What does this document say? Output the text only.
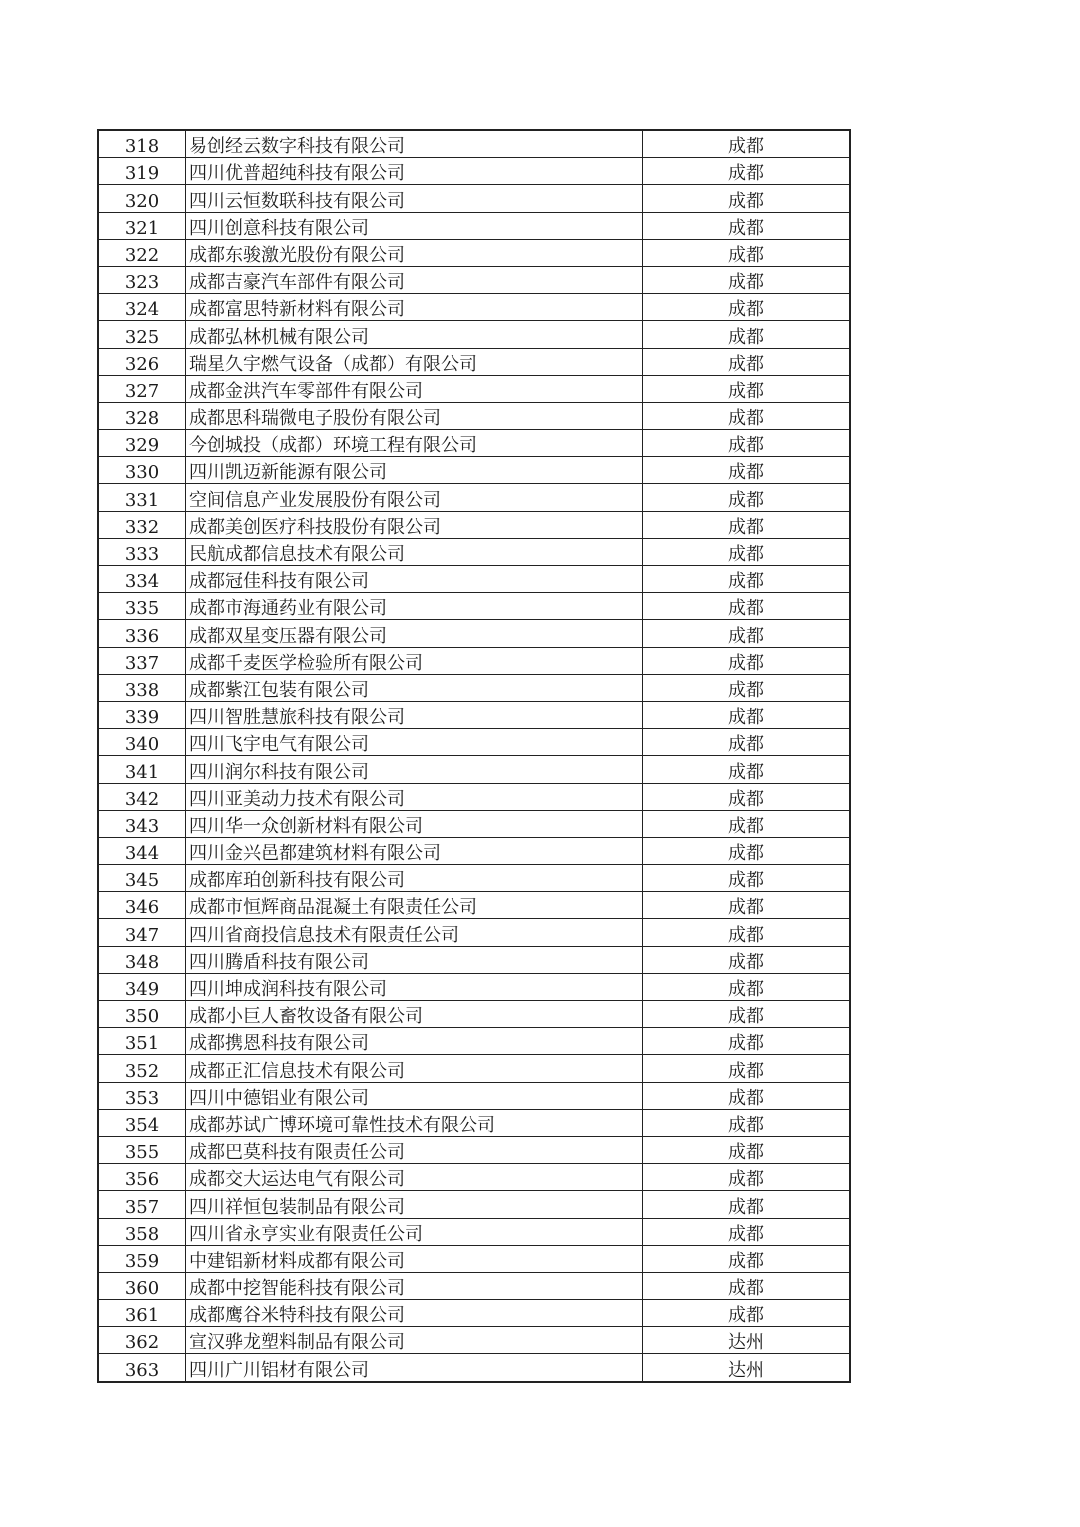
318	易创经云数字科技有限公司	成都
319	四川优普超纯科技有限公司	成都
320	四川云恒数联科技有限公司	成都
321	四川创意科技有限公司	成都
322	成都东骏激光股份有限公司	成都
323	成都吉豪汽车部件有限公司	成都
324	成都富思特新材料有限公司	成都
325	成都弘林机械有限公司	成都
326	瑞星久宇燃气设备（成都）有限公司	成都
327	成都金洪汽车零部件有限公司	成都
328	成都思科瑞微电子股份有限公司	成都
329	今创城投（成都）环境工程有限公司	成都
330	四川凯迈新能源有限公司	成都
331	空间信息产业发展股份有限公司	成都
332	成都美创医疗科技股份有限公司	成都
333	民航成都信息技术有限公司	成都
334	成都冠佳科技有限公司	成都
335	成都市海通药业有限公司	成都
336	成都双星变压器有限公司	成都
337	成都千麦医学检验所有限公司	成都
338	成都紫江包装有限公司	成都
339	四川智胜慧旅科技有限公司	成都
340	四川飞宇电气有限公司	成都
341	四川润尔科技有限公司	成都
342	四川亚美动力技术有限公司	成都
343	四川华一众创新材料有限公司	成都
344	四川金兴邑都建筑材料有限公司	成都
345	成都库珀创新科技有限公司	成都
346	成都市恒辉商品混凝土有限责任公司	成都
347	四川省商投信息技术有限责任公司	成都
348	四川腾盾科技有限公司	成都
349	四川坤成润科技有限公司	成都
350	成都小巨人畜牧设备有限公司	成都
351	成都携恩科技有限公司	成都
352	成都正汇信息技术有限公司	成都
353	四川中德铝业有限公司	成都
354	成都苏试广博环境可靠性技术有限公司	成都
355	成都巴莫科技有限责任公司	成都
356	成都交大运达电气有限公司	成都
357	四川祥恒包装制品有限公司	成都
358	四川省永亨实业有限责任公司	成都
359	中建铝新材料成都有限公司	成都
360	成都中挖智能科技有限公司	成都
361	成都鹰谷米特科技有限公司	成都
362	宣汉骅龙塑料制品有限公司	达州
363	四川广川铝材有限公司	达州
